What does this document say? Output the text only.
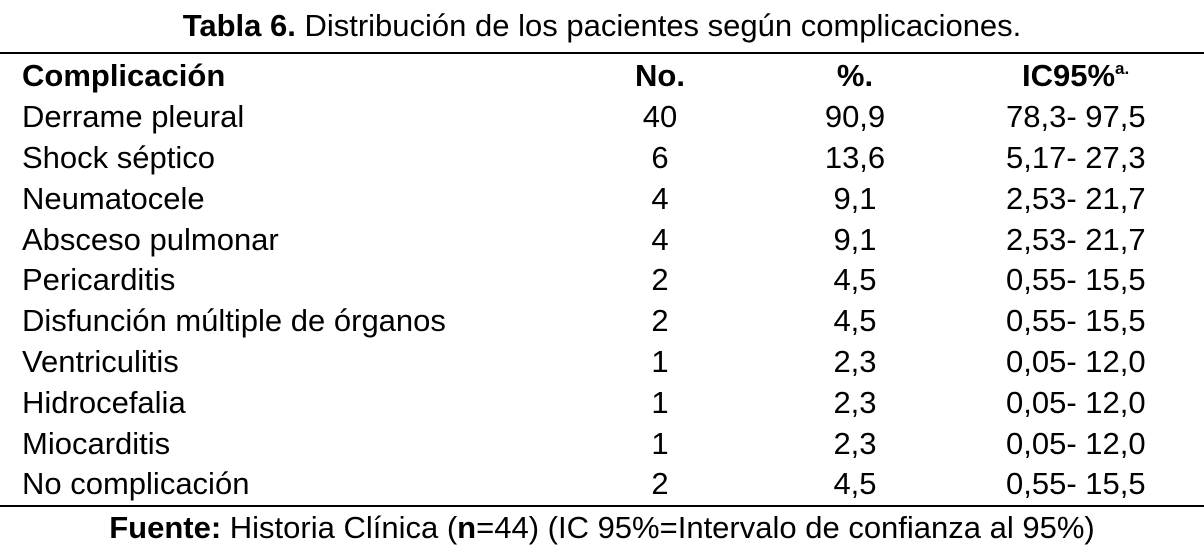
Tabla 6. Distribución de los pacientes según complicaciones.
Complicación	No.	%.	IC95%$^{a.}$
Derrame pleural	40	90,9	78,3- 97,5
Shock séptico	6	13,6	5,17- 27,3
Neumatocele	4	9,1	2,53- 21,7
Absceso pulmonar	4	9,1	2,53- 21,7
Pericarditis	2	4,5	0,55- 15,5
Disfunción múltiple de órganos	2	4,5	0,55- 15,5
Ventriculitis	1	2,3	0,05- 12,0
Hidrocefalia	1	2,3	0,05- 12,0
Miocarditis	1	2,3	0,05- 12,0
No complicación	2	4,5	0,55- 15,5
Fuente: Historia Clínica (n=44) (IC 95%=Intervalo de confianza al 95%)
